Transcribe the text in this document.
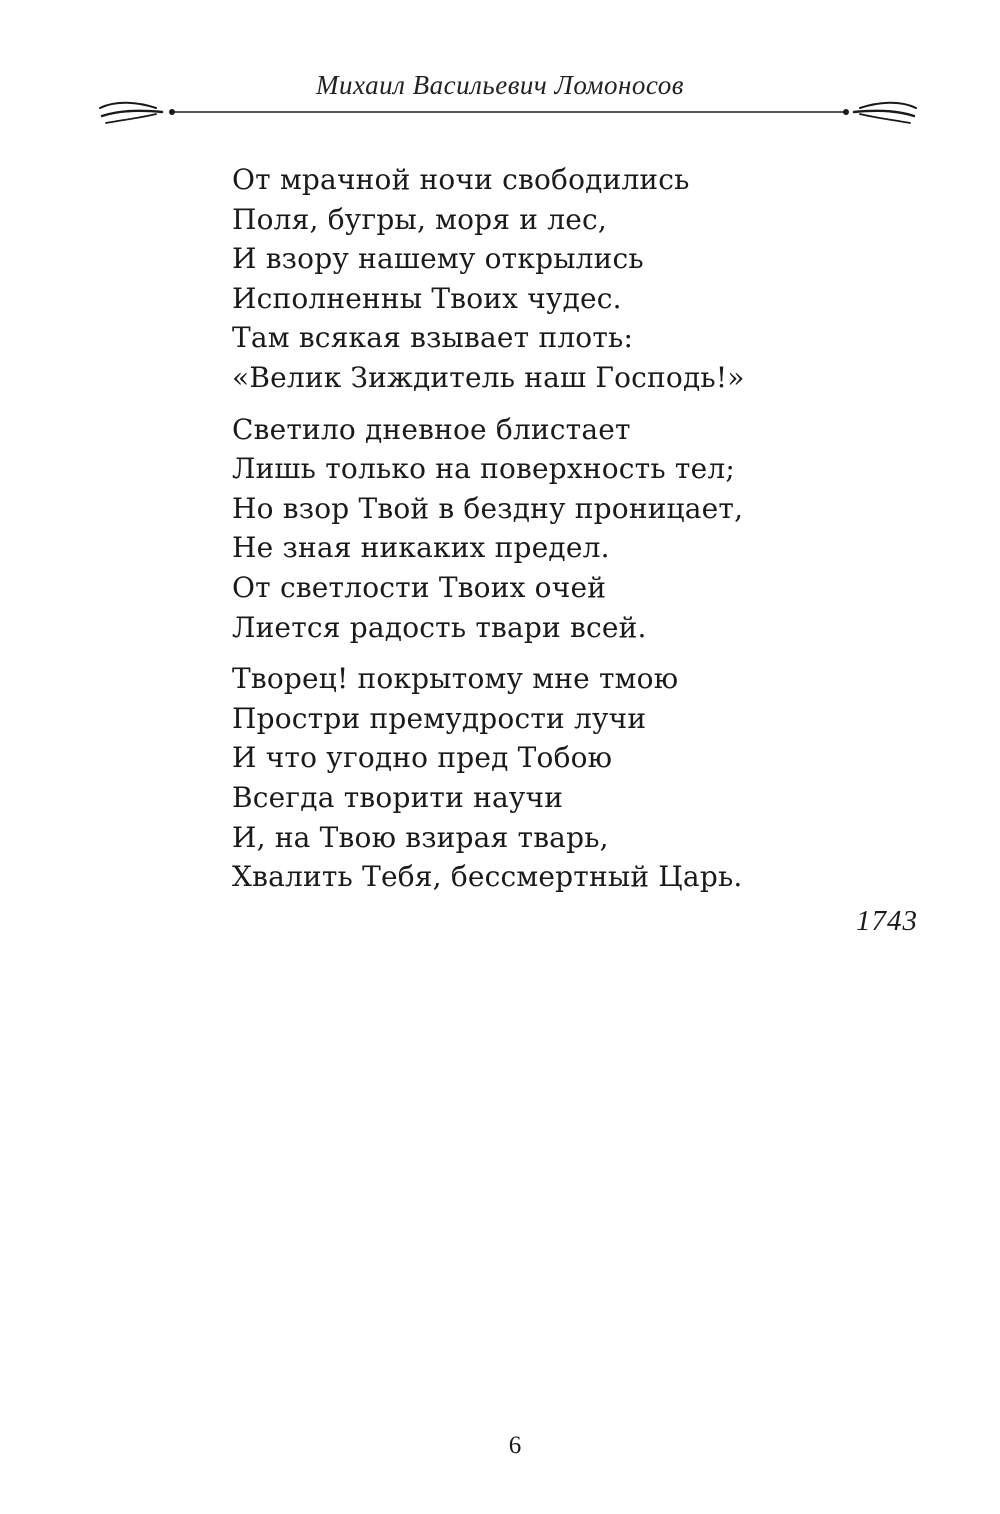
Михаил Васильевич Ломоносов
От мрачной ночи свободились
Поля, бугры, моря и лес,
И взору нашему открылись
Исполненны Твоих чудес.
Там всякая взывает плоть:
«Велик Зиждитель наш Господь!»
Светило дневное блистает
Лишь только на поверхность тел;
Но взор Твой в бездну проницает,
Не зная никаких предел.
От светлости Твоих очей
Лиется радость твари всей.
Творец! покрытому мне тмою
Простри премудрости лучи
И что угодно пред Тобою
Всегда творити научи
И, на Твою взирая тварь,
Хвалить Тебя, бессмертный Царь.
1743
6
